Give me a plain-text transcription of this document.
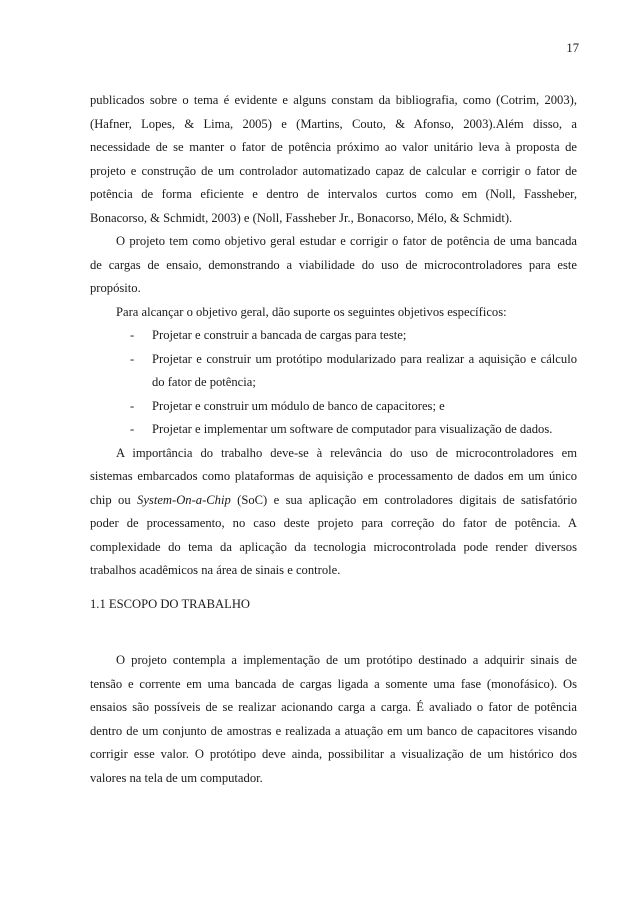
17
publicados sobre o tema é evidente e alguns constam da bibliografia, como (Cotrim, 2003),
(Hafner, Lopes, & Lima, 2005) e (Martins, Couto, & Afonso, 2003).Além disso, a
necessidade de se manter o fator de potência próximo ao valor unitário leva à proposta de
projeto e construção de um controlador automatizado capaz de calcular e corrigir o fator de
potência de forma eficiente e dentro de intervalos curtos como em (Noll, Fassheber,
Bonacorso, & Schmidt, 2003) e (Noll, Fassheber Jr., Bonacorso, Mélo, & Schmidt).
O projeto tem como objetivo geral estudar e corrigir o fator de potência de uma bancada
de cargas de ensaio, demonstrando a viabilidade do uso de microcontroladores para este
propósito.
Para alcançar o objetivo geral, dão suporte os seguintes objetivos específicos:
- Projetar e construir a bancada de cargas para teste;
- Projetar e construir um protótipo modularizado para realizar a aquisição e cálculo
do fator de potência;
- Projetar e construir um módulo de banco de capacitores; e
- Projetar e implementar um software de computador para visualização de dados.
A importância do trabalho deve-se à relevância do uso de microcontroladores em
sistemas embarcados como plataformas de aquisição e processamento de dados em um único
chip ou System-On-a-Chip (SoC) e sua aplicação em controladores digitais de satisfatório
poder de processamento, no caso deste projeto para correção do fator de potência. A
complexidade do tema da aplicação da tecnologia microcontrolada pode render diversos
trabalhos acadêmicos na área de sinais e controle.
1.1 ESCOPO DO TRABALHO
O projeto contempla a implementação de um protótipo destinado a adquirir sinais de
tensão e corrente em uma bancada de cargas ligada a somente uma fase (monofásico). Os
ensaios são possíveis de se realizar acionando carga a carga. É avaliado o fator de potência
dentro de um conjunto de amostras e realizada a atuação em um banco de capacitores visando
corrigir esse valor. O protótipo deve ainda, possibilitar a visualização de um histórico dos
valores na tela de um computador.
